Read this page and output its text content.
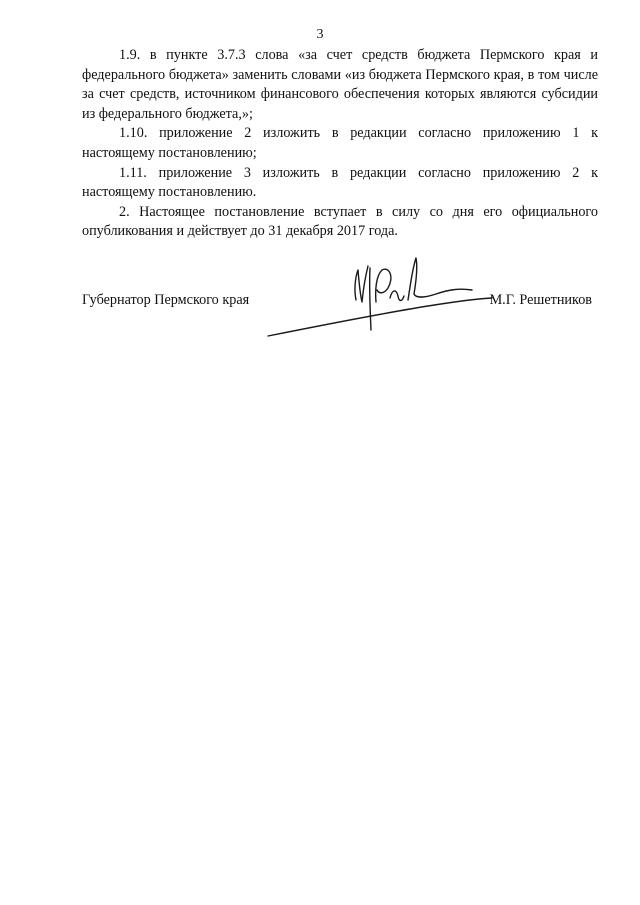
3

1.9. в пункте 3.7.3 слова «за счет средств бюджета Пермского края и федерального бюджета» заменить словами «из бюджета Пермского края, в том числе за счет средств, источником финансового обеспечения которых являются субсидии из федерального бюджета,»;

1.10. приложение 2 изложить в редакции согласно приложению 1 к настоящему постановлению;

1.11. приложение 3 изложить в редакции согласно приложению 2 к настоящему постановлению.

2. Настоящее постановление вступает в силу со дня его официального опубликования и действует до 31 декабря 2017 года.

Губернатор Пермского края	М.Г. Решетников
